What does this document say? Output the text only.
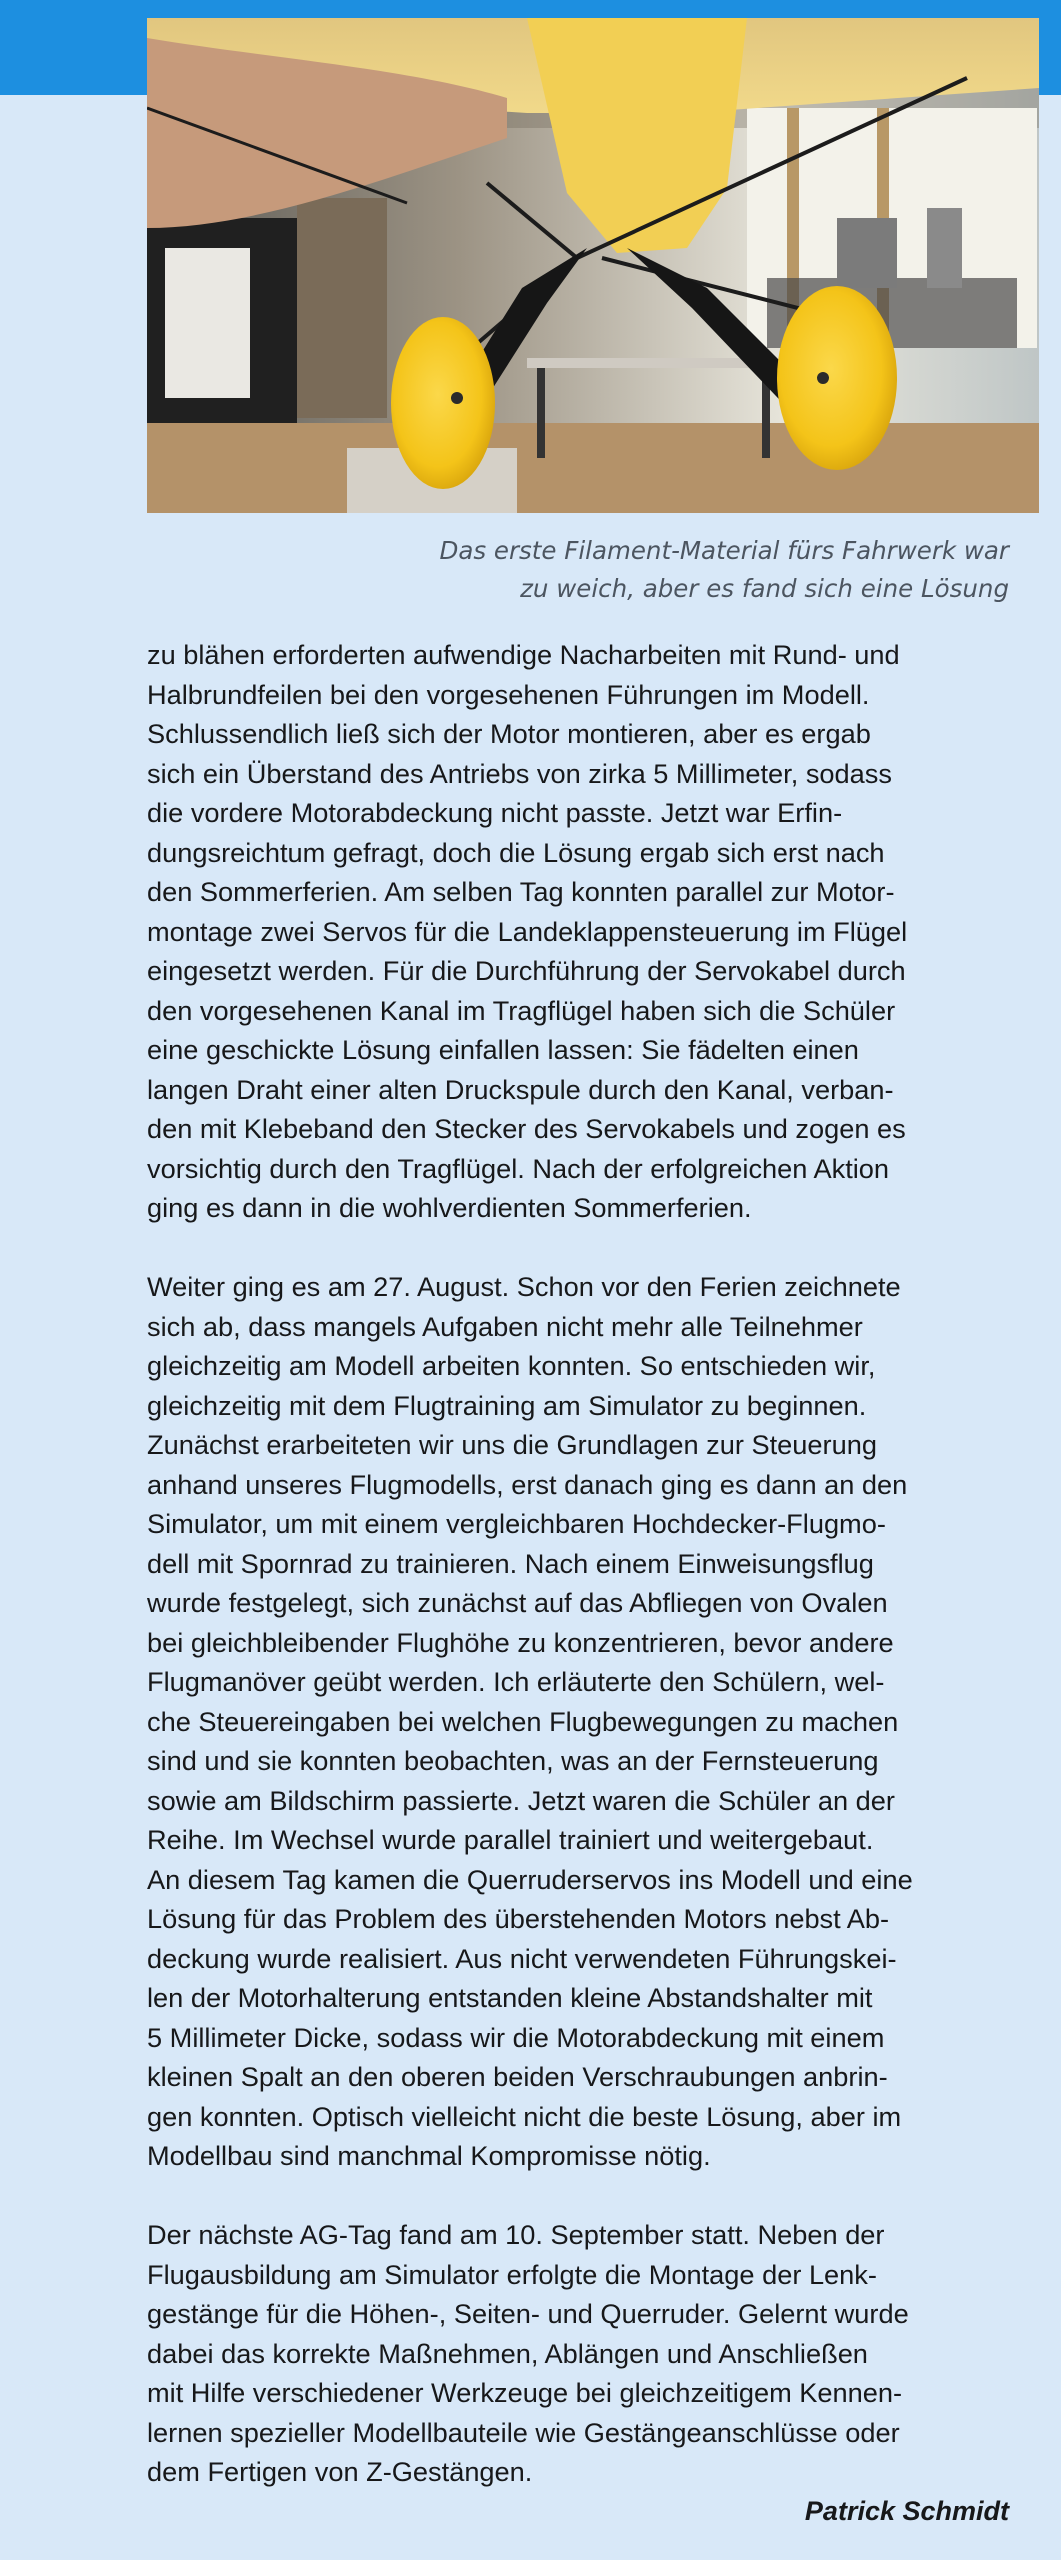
Das erste Filament-Material fürs Fahrwerk war
zu weich, aber es fand sich eine Lösung
zu blähen erforderten aufwendige Nacharbeiten mit Rund- und
Halbrundfeilen bei den vorgesehenen Führungen im Modell.
Schlussendlich ließ sich der Motor montieren, aber es ergab
sich ein Überstand des Antriebs von zirka 5 Millimeter, sodass
die vordere Motorabdeckung nicht passte. Jetzt war Erfin-
dungsreichtum gefragt, doch die Lösung ergab sich erst nach
den Sommerferien. Am selben Tag konnten parallel zur Motor-
montage zwei Servos für die Landeklappensteuerung im Flügel
eingesetzt werden. Für die Durchführung der Servokabel durch
den vorgesehenen Kanal im Tragflügel haben sich die Schüler
eine geschickte Lösung einfallen lassen: Sie fädelten einen
langen Draht einer alten Druckspule durch den Kanal, verban-
den mit Klebeband den Stecker des Servokabels und zogen es
vorsichtig durch den Tragflügel. Nach der erfolgreichen Aktion
ging es dann in die wohlverdienten Sommerferien.
Weiter ging es am 27. August. Schon vor den Ferien zeichnete
sich ab, dass mangels Aufgaben nicht mehr alle Teilnehmer
gleichzeitig am Modell arbeiten konnten. So entschieden wir,
gleichzeitig mit dem Flugtraining am Simulator zu beginnen.
Zunächst erarbeiteten wir uns die Grundlagen zur Steuerung
anhand unseres Flugmodells, erst danach ging es dann an den
Simulator, um mit einem vergleichbaren Hochdecker-Flugmo-
dell mit Spornrad zu trainieren. Nach einem Einweisungsflug
wurde festgelegt, sich zunächst auf das Abfliegen von Ovalen
bei gleichbleibender Flughöhe zu konzentrieren, bevor andere
Flugmanöver geübt werden. Ich erläuterte den Schülern, wel-
che Steuereingaben bei welchen Flugbewegungen zu machen
sind und sie konnten beobachten, was an der Fernsteuerung
sowie am Bildschirm passierte. Jetzt waren die Schüler an der
Reihe. Im Wechsel wurde parallel trainiert und weitergebaut.
An diesem Tag kamen die Querruderservos ins Modell und eine
Lösung für das Problem des überstehenden Motors nebst Ab-
deckung wurde realisiert. Aus nicht verwendeten Führungskei-
len der Motorhalterung entstanden kleine Abstandshalter mit
5 Millimeter Dicke, sodass wir die Motorabdeckung mit einem
kleinen Spalt an den oberen beiden Verschraubungen anbrin-
gen konnten. Optisch vielleicht nicht die beste Lösung, aber im
Modellbau sind manchmal Kompromisse nötig.
Der nächste AG-Tag fand am 10. September statt. Neben der
Flugausbildung am Simulator erfolgte die Montage der Lenk-
gestänge für die Höhen-, Seiten- und Querruder. Gelernt wurde
dabei das korrekte Maßnehmen, Ablängen und Anschließen
mit Hilfe verschiedener Werkzeuge bei gleichzeitigem Kennen-
lernen spezieller Modellbauteile wie Gestängeanschlüsse oder
dem Fertigen von Z-Gestängen.
Patrick Schmidt
